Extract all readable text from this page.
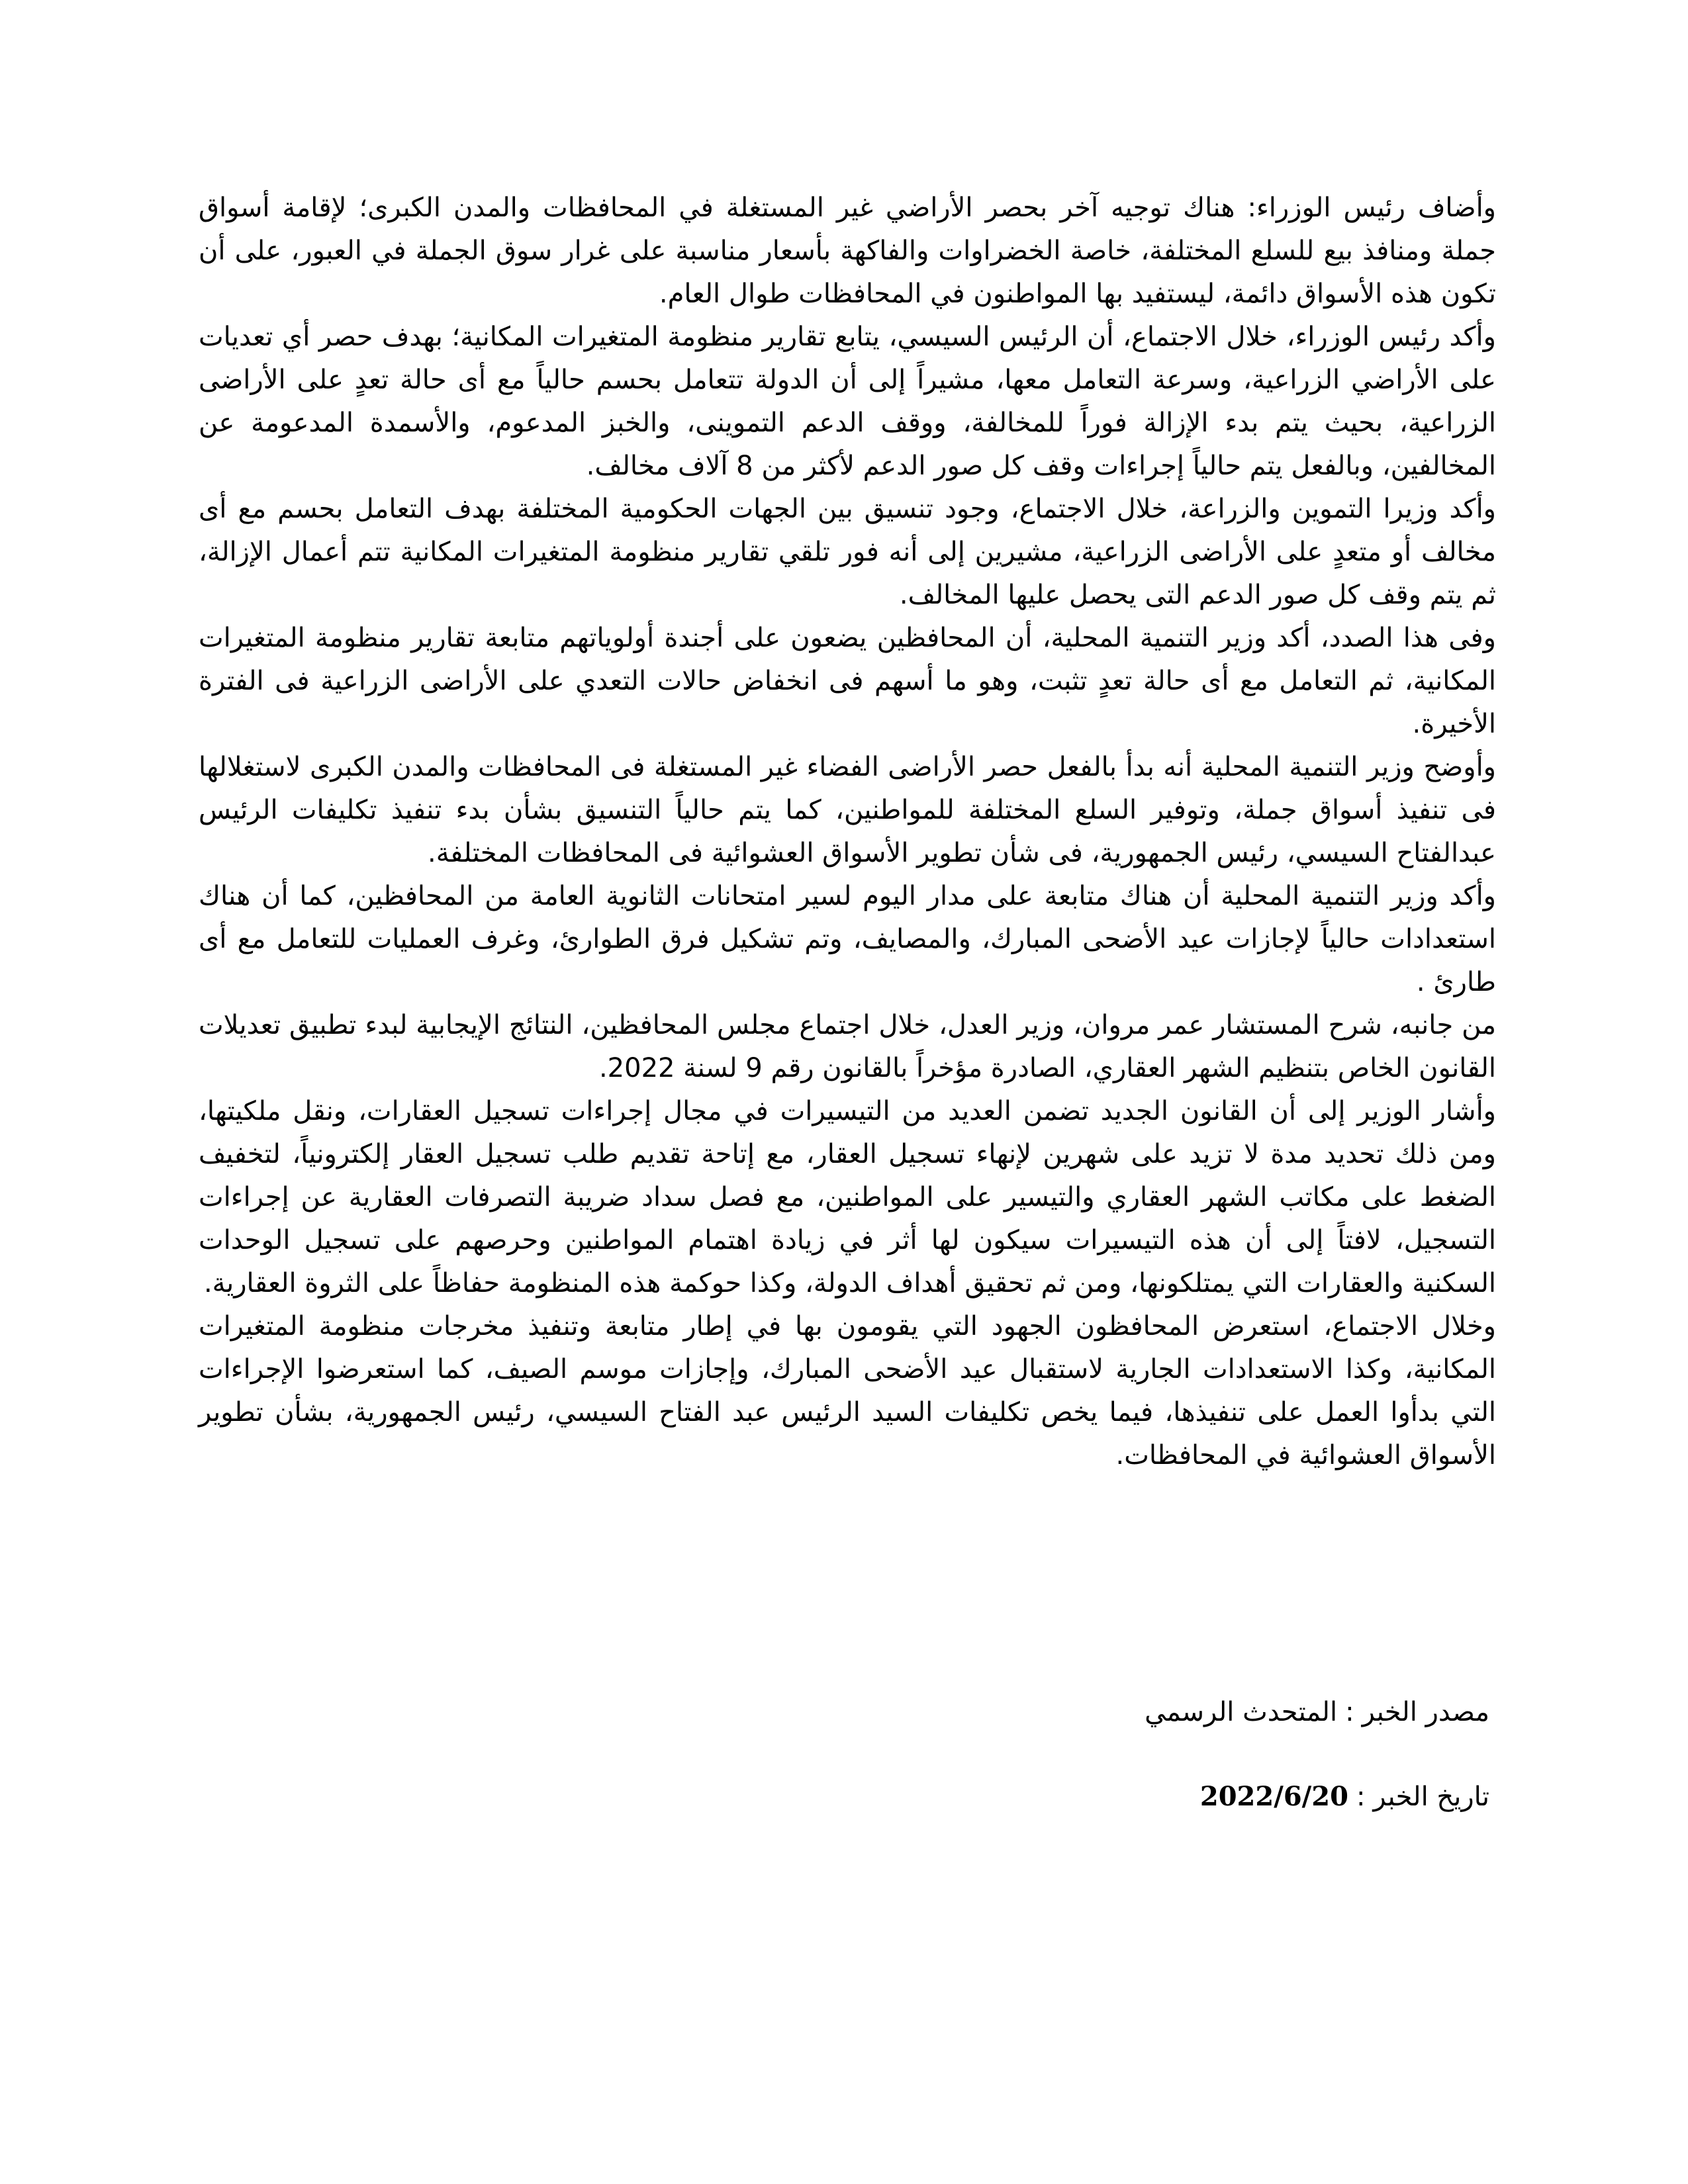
وأضاف رئيس الوزراء: هناك توجيه آخر بحصر الأراضي غير المستغلة في المحافظات والمدن الكبرى؛ لإقامة أسواق جملة ومنافذ بيع للسلع المختلفة، خاصة الخضراوات والفاكهة بأسعار مناسبة على غرار سوق الجملة في العبور، على أن تكون هذه الأسواق دائمة، ليستفيد بها المواطنون في المحافظات طوال العام.

وأكد رئيس الوزراء، خلال الاجتماع، أن الرئيس السيسي، يتابع تقارير منظومة المتغيرات المكانية؛ بهدف حصر أي تعديات على الأراضي الزراعية، وسرعة التعامل معها، مشيراً إلى أن الدولة تتعامل بحسم حالياً مع أى حالة تعدٍ على الأراضى الزراعية، بحيث يتم بدء الإزالة فوراً للمخالفة، ووقف الدعم التموينى، والخبز المدعوم، والأسمدة المدعومة عن المخالفين، وبالفعل يتم حالياً إجراءات وقف كل صور الدعم لأكثر من 8 آلاف مخالف.

وأكد وزيرا التموين والزراعة، خلال الاجتماع، وجود تنسيق بين الجهات الحكومية المختلفة بهدف التعامل بحسم مع أى مخالف أو متعدٍ على الأراضى الزراعية، مشيرين إلى أنه فور تلقي تقارير منظومة المتغيرات المكانية تتم أعمال الإزالة، ثم يتم وقف كل صور الدعم التى يحصل عليها المخالف.

وفى هذا الصدد، أكد وزير التنمية المحلية، أن المحافظين يضعون على أجندة أولوياتهم متابعة تقارير منظومة المتغيرات المكانية، ثم التعامل مع أى حالة تعدٍ تثبت، وهو ما أسهم فى انخفاض حالات التعدي على الأراضى الزراعية فى الفترة الأخيرة.

وأوضح وزير التنمية المحلية أنه بدأ بالفعل حصر الأراضى الفضاء غير المستغلة فى المحافظات والمدن الكبرى لاستغلالها فى تنفيذ أسواق جملة، وتوفير السلع المختلفة للمواطنين، كما يتم حالياً التنسيق بشأن بدء تنفيذ تكليفات الرئيس عبدالفتاح السيسي، رئيس الجمهورية، فى شأن تطوير الأسواق العشوائية فى المحافظات المختلفة.

وأكد وزير التنمية المحلية أن هناك متابعة على مدار اليوم لسير امتحانات الثانوية العامة من المحافظين، كما أن هناك استعدادات حالياً لإجازات عيد الأضحى المبارك، والمصايف، وتم تشكيل فرق الطوارئ، وغرف العمليات للتعامل مع أى طارئ .

من جانبه، شرح المستشار عمر مروان، وزير العدل، خلال اجتماع مجلس المحافظين، النتائج الإيجابية لبدء تطبيق تعديلات القانون الخاص بتنظيم الشهر العقاري، الصادرة مؤخراً بالقانون رقم 9 لسنة 2022.

وأشار الوزير إلى أن القانون الجديد تضمن العديد من التيسيرات في مجال إجراءات تسجيل العقارات، ونقل ملكيتها، ومن ذلك تحديد مدة لا تزيد على شهرين لإنهاء تسجيل العقار، مع إتاحة تقديم طلب تسجيل العقار إلكترونياً، لتخفيف الضغط على مكاتب الشهر العقاري والتيسير على المواطنين، مع فصل سداد ضريبة التصرفات العقارية عن إجراءات التسجيل، لافتاً إلى أن هذه التيسيرات سيكون لها أثر في زيادة اهتمام المواطنين وحرصهم على تسجيل الوحدات السكنية والعقارات التي يمتلكونها، ومن ثم تحقيق أهداف الدولة، وكذا حوكمة هذه المنظومة حفاظاً على الثروة العقارية.

وخلال الاجتماع، استعرض المحافظون الجهود التي يقومون بها في إطار متابعة وتنفيذ مخرجات منظومة المتغيرات المكانية، وكذا الاستعدادات الجارية لاستقبال عيد الأضحى المبارك، وإجازات موسم الصيف، كما استعرضوا الإجراءات التي بدأوا العمل على تنفيذها، فيما يخص تكليفات السيد الرئيس عبد الفتاح السيسي، رئيس الجمهورية، بشأن تطوير الأسواق العشوائية في المحافظات.

مصدر الخبر:المتحدث الرسمي
تاريخ الخبر:2022/6/20
